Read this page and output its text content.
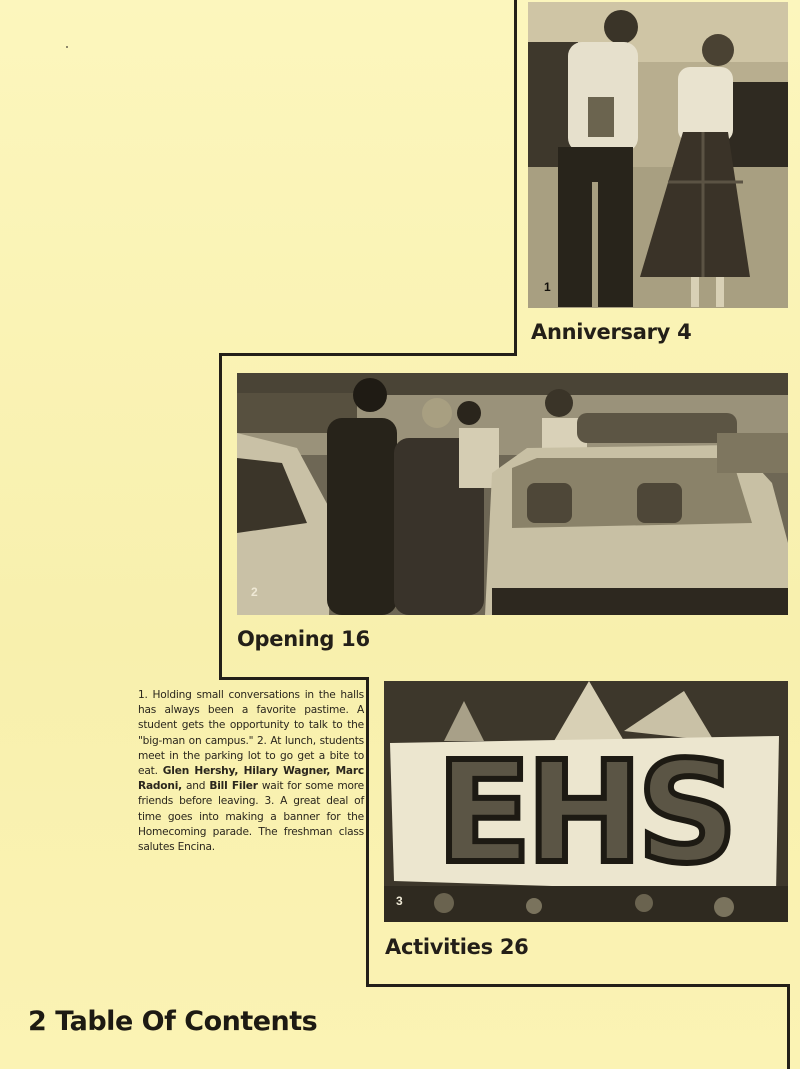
1
Anniversary 4
2
Opening 16
1. Holding small conversations in the halls has always been a favorite pastime. A student gets the opportunity to talk to the "big-man on campus." 2. At lunch, students meet in the parking lot to go get a bite to eat. Glen Hershy, Hilary Wagner, Marc Radoni, and Bill Filer wait for some more friends before leaving. 3. A great deal of time goes into making a banner for the Homecoming parade. The freshman class salutes Encina.	EHS
3
Activities 26
2 Table Of Contents
